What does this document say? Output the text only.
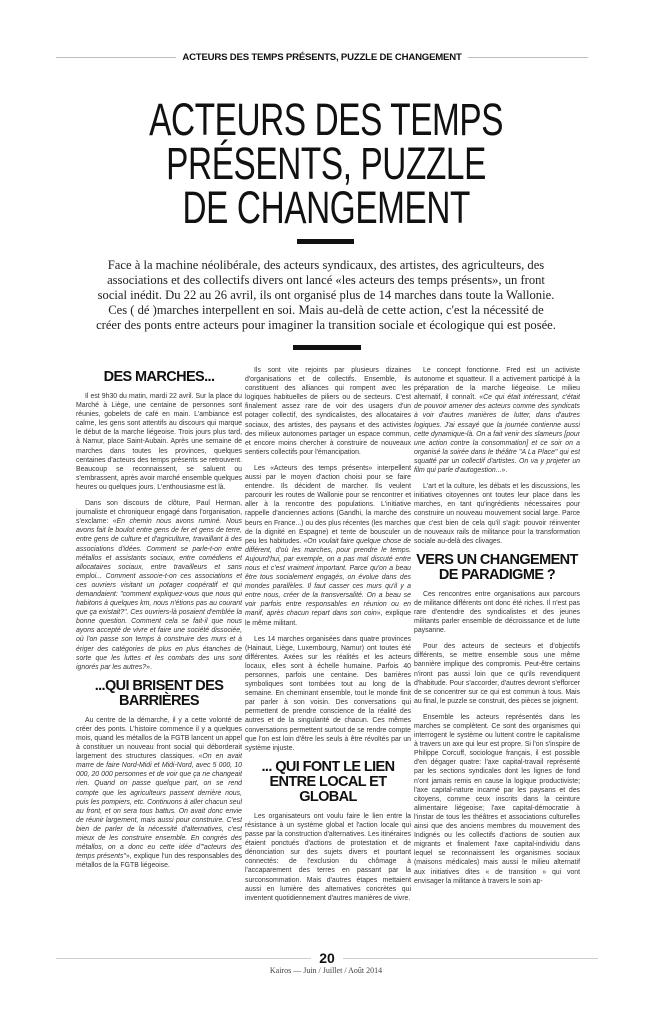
ACTEURS DES TEMPS PRÉSENTS, PUZZLE DE CHANGEMENT
ACTEURS DES TEMPS
PRÉSENTS, PUZZLE
DE CHANGEMENT
Face à la machine néolibérale, des acteurs syndicaux, des artistes, des agriculteurs, des associations et des collectifs divers ont lancé «les acteurs des temps présents», un front social inédit. Du 22 au 26 avril, ils ont organisé plus de 14 marches dans toute la Wallonie. Ces ( dé )marches interpellent en soi. Mais au-delà de cette action, c'est la nécessité de créer des ponts entre acteurs pour imaginer la transition sociale et écologique qui est posée.
DES MARCHES...

Il est 9h30 du matin, mardi 22 avril. Sur la place du Marché à Liège, une centaine de personnes sont réunies, gobelets de café en main. L'ambiance est calme, les gens sont attentifs au discours qui marque le début de la marche liégeoise. Trois jours plus tard, à Namur, place Saint-Aubain. Après une semaine de marches dans toutes les provinces, quelques centaines d'acteurs des temps présents se retrouvent. Beaucoup se reconnaissent, se saluent ou s'embrassent, après avoir marché ensemble quelques heures ou quelques jours. L'enthousiasme est là.

Dans son discours de clôture, Paul Herman, journaliste et chroniqueur engagé dans l'organisation, s'exclame: «En chemin nous avons ruminé. Nous avons fait le boulot entre gens de fer et gens de terre, entre gens de culture et d'agriculture, travaillant à des associations d'idées. Comment se parle-t-on entre métallos et assistants sociaux, entre comédiens et allocataires sociaux, entre travailleurs et sans emploi... Comment associe-t-on ces associations et ces ouvriers visitant un potager coopératif et qui demandaient: "comment expliquez-vous que nous qui habitons à quelques km, nous n'étions pas au courant que ça existait?". Ces ouvriers-là posaient d'emblée la bonne question. Comment cela se fait-il que nous ayons accepté de vivre et faire une société dissociée, où l'on passe son temps à construire des murs et à ériger des catégories de plus en plus étanches de sorte que les luttes et les combats des uns sont ignorés par les autres?».

...QUI BRISENT DES BARRIÈRES

Au centre de la démarche, il y a cette volonté de créer des ponts. L'histoire commence il y a quelques mois, quand les métallos de la FGTB lancent un appel à constituer un nouveau front social qui déborderait largement des structures classiques. «On en avait marre de faire Nord-Midi et Midi-Nord, avec 5 000, 10 000, 20 000 personnes et de voir que ça ne changeait rien. Quand on passe quelque part, on se rend compte que les agriculteurs passent derrière nous, puis les pompiers, etc. Continuons à aller chacun seul au front, et on sera tous battus. On avait donc envie de réunir largement, mais aussi pour construire. C'est bien de parler de la nécessité d'alternatives, c'est mieux de les construire ensemble. En congrès des métallos, on a donc eu cette idée d'"acteurs des temps présents"», explique l'un des responsables des métallos de la FGTB liégeoise.

Ils sont vite rejoints par plusieurs dizaines d'organisations et de collectifs. Ensemble, ils constituent des alliances qui rompent avec les logiques habituelles de piliers ou de secteurs. C'est finalement assez rare de voir des usagers d'un potager collectif, des syndicalistes, des allocataires sociaux, des artistes, des paysans et des activistes des milieux autonomes partager un espace commun, et encore moins chercher à construire de nouveaux sentiers collectifs pour l'émancipation.

Les «Acteurs des temps présents» interpellent aussi par le moyen d'action choisi pour se faire entendre. Ils décident de marcher. Ils veulent parcourir les routes de Wallonie pour se rencontrer et aller à la rencontre des populations. L'initiative rappelle d'anciennes actions (Gandhi, la marche des beurs en France...) ou des plus récentes (les marches de la dignité en Espagne) et tente de bousculer un peu les habitudes. «On voulait faire quelque chose de différent, d'où les marches, pour prendre le temps. Aujourd'hui, par exemple, on a pas mal discuté entre nous et c'est vraiment important. Parce qu'on a beau être tous socialement engagés, on évolue dans des mondes parallèles. Il faut casser ces murs qu'il y a entre nous, créer de la transversalité. On a beau se voir parfois entre responsables en réunion ou en manif, après chacun repart dans son coin», explique le même militant.

Les 14 marches organisées dans quatre provinces (Hainaut, Liège, Luxembourg, Namur) ont toutes été différentes. Axées sur les réalités et les acteurs locaux, elles sont à échelle humaine. Parfois 40 personnes, parfois une centaine. Des barrières symboliques sont tombées tout au long de la semaine. En cheminant ensemble, tout le monde finit par parler à son voisin. Des conversations qui permettent de prendre conscience de la réalité des autres et de la singularité de chacun. Ces mêmes conversations permettent surtout de se rendre compte que l'on est loin d'être les seuls à être révoltés par un système injuste.

... QUI FONT LE LIEN ENTRE LOCAL ET GLOBAL

Les organisateurs ont voulu faire le lien entre la résistance à un système global et l'action locale qui passe par la construction d'alternatives. Les itinéraires étaient ponctués d'actions de protestation et de dénonciation sur des sujets divers et pourtant connectés: de l'exclusion du chômage à l'accaparement des terres en passant par la surconsommation. Mais d'autres étapes mettaient aussi en lumière des alternatives concrètes qui inventent quotidiennement d'autres manières de vivre.

Le concept fonctionne. Fred est un activiste autonome et squatteur. Il a activement participé à la préparation de la marche liégeoise. Le milieu alternatif, il connaît. «Ce qui était intéressant, c'était de pouvoir amener des acteurs comme des syndicats à voir d'autres manières de lutter, dans d'autres logiques. J'ai essayé que la journée contienne aussi cette dynamique-là. On a fait venir des slameurs [pour une action contre la consommation] et ce soir on a organisé la soirée dans le théâtre "A La Place" qui est squatté par un collectif d'artistes. On va y projeter un film qui parle d'autogestion...».

L'art et la culture, les débats et les discussions, les initiatives citoyennes ont toutes leur place dans les marches, en tant qu'ingrédients nécessaires pour construire un nouveau mouvement social large. Parce que c'est bien de cela qu'il s'agit: pouvoir réinventer de nouveaux rails de militance pour la transformation sociale au-delà des clivages.

VERS UN CHANGEMENT DE PARADIGME ?

Ces rencontres entre organisations aux parcours de militance différents ont donc été riches. Il n'est pas rare d'entendre des syndicalistes et des jeunes militants parler ensemble de décroissance et de lutte paysanne.

Pour des acteurs de secteurs et d'objectifs différents, se mettre ensemble sous une même bannière implique des compromis. Peut-être certains n'iront pas aussi loin que ce qu'ils revendiquent d'habitude. Pour s'accorder, d'autres devront s'efforcer de se concentrer sur ce qui est commun à tous. Mais au final, le puzzle se construit, des pièces se joignent.

Ensemble les acteurs représentés dans les marches se complètent. Ce sont des organismes qui interrogent le système ou luttent contre le capitalisme à travers un axe qui leur est propre. Si l'on s'inspire de Philippe Corcuff, sociologue français, il est possible d'en dégager quatre: l'axe capital-travail représenté par les sections syndicales dont les lignes de fond n'ont jamais remis en cause la logique productiviste; l'axe capital-nature incarné par les paysans et des citoyens, comme ceux inscrits dans la ceinture alimentaire liégeoise; l'axe capital-démocratie à l'instar de tous les théâtres et associations culturelles ainsi que des anciens membres du mouvement des Indignés ou les collectifs d'actions de soutien aux migrants et finalement l'axe capital-individu dans lequel se reconnaissent les organismes sociaux (maisons médicales) mais aussi le milieu alternatif aux initiatives dites « de transition » qui vont envisager la militance à travers le soin ap-

20
Kairos — Juin / Juillet / Août 2014
